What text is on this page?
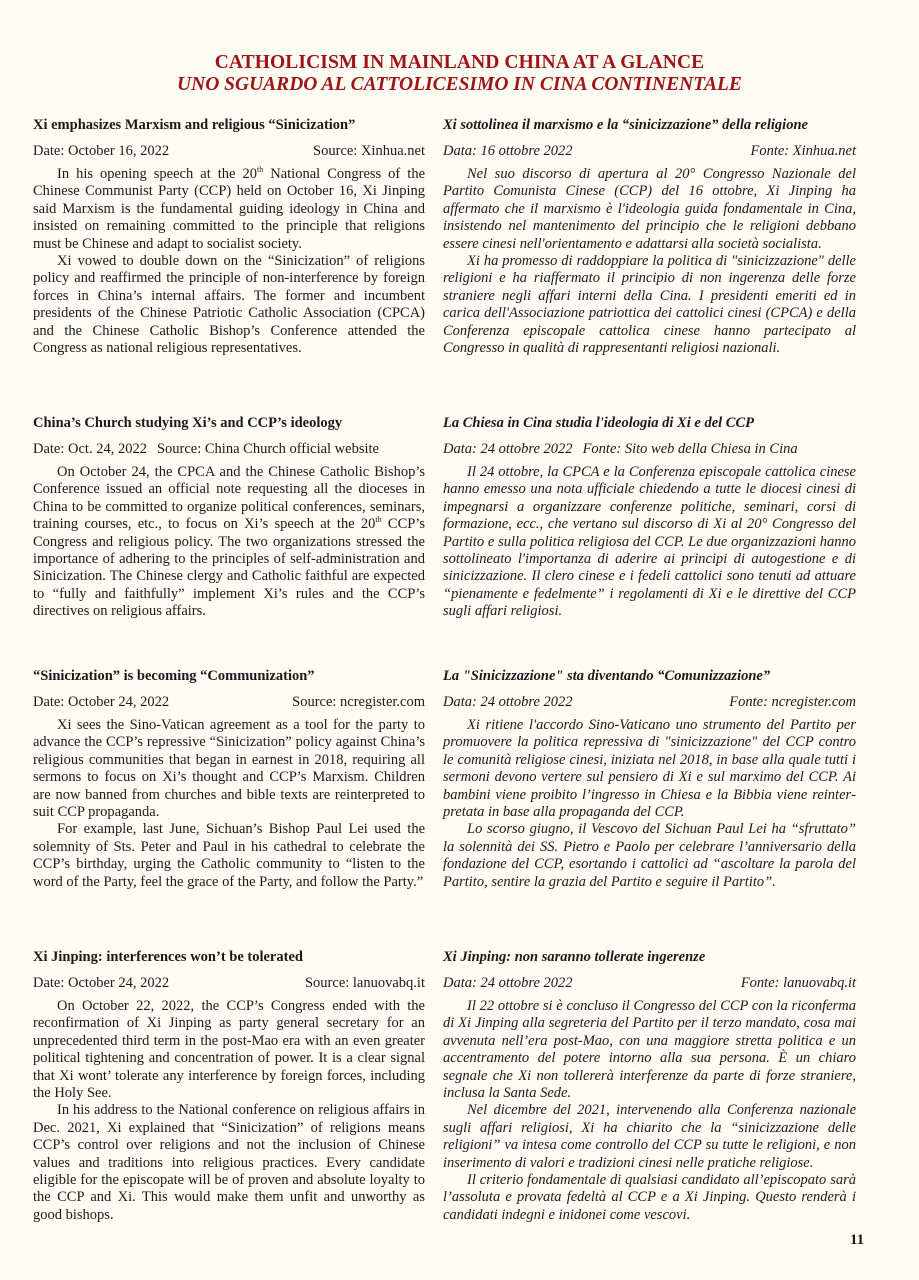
CATHOLICISM IN MAINLAND CHINA AT A GLANCE
UNO SGUARDO AL CATTOLICESIMO IN CINA CONTINENTALE
Xi emphasizes Marxism and religious “Sinicization”
Date: October 16, 2022	Source: Xinhua.net

In his opening speech at the 20th National Congress of the Chinese Communist Party (CCP) held on October 16, Xi Jinping said Marxism is the fundamental guiding ideology in China and insisted on remaining committed to the principle that religions must be Chinese and adapt to socialist society.

Xi vowed to double down on the “Sinicization” of religions policy and reaffirmed the principle of non-interference by foreign forces in China’s internal affairs. The former and incumbent presidents of the Chinese Patriotic Catholic Association (CPCA) and the Chinese Catholic Bishop’s Conference attended the Congress as national religious representatives.

China’s Church studying Xi’s and CCP’s ideology
Date: Oct. 24, 2022 Source: China Church official website

On October 24, the CPCA and the Chinese Catholic Bishop’s Conference issued an official note requesting all the dioceses in China to be committed to organize political conferences, seminars, training courses, etc., to focus on Xi’s speech at the 20th CCP’s Congress and religious policy. The two organizations stressed the importance of adhering to the principles of self-administration and Sinicization. The Chinese clergy and Catholic faithful are expected to “fully and faithfully” implement Xi’s rules and the CCP’s directives on religious affairs.

“Sinicization” is becoming “Communization”
Date: October 24, 2022	Source: ncregister.com

Xi sees the Sino-Vatican agreement as a tool for the party to advance the CCP’s repressive “Sinicization” policy against China’s religious communities that began in earnest in 2018, requiring all sermons to focus on Xi’s thought and CCP’s Marxism. Children are now banned from churches and bible texts are reinterpreted to suit CCP propaganda.

For example, last June, Sichuan’s Bishop Paul Lei used the solemnity of Sts. Peter and Paul in his cathedral to celebrate the CCP’s birthday, urging the Catholic community to “listen to the word of the Party, feel the grace of the Party, and follow the Party.”

Xi Jinping: interferences won’t be tolerated
Date: October 24, 2022	Source: lanuovabq.it

On October 22, 2022, the CCP’s Congress ended with the reconfirmation of Xi Jinping as party general secretary for an unprecedented third term in the post-Mao era with an even greater political tightening and concentration of power. It is a clear signal that Xi wont’ tolerate any interference by foreign forces, including the Holy See.

In his address to the National conference on religious affairs in Dec. 2021, Xi explained that “Sinicization” of religions means CCP’s control over religions and not the inclusion of Chinese values and traditions into religious practices. Every candidate eligible for the episcopate will be of proven and absolute loyalty to the CCP and Xi. This would make them unfit and unworthy as good bishops.

Xi sottolinea il marxismo e la “sinicizzazione” della religione
Data: 16 ottobre 2022	Fonte: Xinhua.net

Nel suo discorso di apertura al 20° Congresso Nazionale del Partito Comunista Cinese (CCP) del 16 ottobre, Xi Jinping ha affermato che il marxismo è l'ideologia guida fondamentale in Cina, insistendo nel mantenimento del principio che le religioni debbano essere cinesi nell'orientamento e adattarsi alla società socialista.

Xi ha promesso di raddoppiare la politica di "sinicizzazione" delle religioni e ha riaffermato il principio di non ingerenza delle forze straniere negli affari interni della Cina. I presidenti emeriti ed in carica dell'Associazione patriottica dei cattolici cinesi (CPCA) e della Conferenza episcopale cattolica cinese hanno partecipato al Congresso in qualità di rappresentanti religiosi nazionali.

La Chiesa in Cina studia l'ideologia di Xi e del CCP
Data: 24 ottobre 2022 Fonte: Sito web della Chiesa in Cina

Il 24 ottobre, la CPCA e la Conferenza episcopale cattolica cinese hanno emesso una nota ufficiale chiedendo a tutte le diocesi cinesi di impegnarsi a organizzare conferenze politiche, seminari, corsi di formazione, ecc., che vertano sul discorso di Xi al 20° Congresso del Partito e sulla politica religiosa del CCP. Le due organizzazioni hanno sottolineato l'importanza di aderire ai principi di autogestione e di sinicizzazione. Il clero cinese e i fedeli cattolici sono tenuti ad attuare “pienamente e fedelmente” i regolamenti di Xi e le direttive del CCP sugli affari religiosi.

La "Sinicizzazione" sta diventando “Comunizzazione”
Data: 24 ottobre 2022	Fonte: ncregister.com

Xi ritiene l'accordo Sino-Vaticano uno strumento del Partito per promuovere la politica repressiva di "sinicizzazione" del CCP contro le comunità religiose cinesi, iniziata nel 2018, in base alla quale tutti i sermoni devono vertere sul pensiero di Xi e sul marximo del CCP. Ai bambini viene proibito l’ingresso in Chiesa e la Bibbia viene reinterpretata in base alla propaganda del CCP.

Lo scorso giugno, il Vescovo del Sichuan Paul Lei ha “sfruttato” la solennità dei SS. Pietro e Paolo per celebrare l’anniversario della fondazione del CCP, esortando i cattolici ad “ascoltare la parola del Partito, sentire la grazia del Partito e seguire il Partito”.

Xi Jinping: non saranno tollerate ingerenze
Data: 24 ottobre 2022	Fonte: lanuovabq.it

Il 22 ottobre si è concluso il Congresso del CCP con la riconferma di Xi Jinping alla segreteria del Partito per il terzo mandato, cosa mai avvenuta nell’era post-Mao, con una maggiore stretta politica e un accentramento del potere intorno alla sua persona. È un chiaro segnale che Xi non tollererà interferenze da parte di forze straniere, inclusa la Santa Sede.

Nel dicembre del 2021, intervenendo alla Conferenza nazionale sugli affari religiosi, Xi ha chiarito che la “sinicizzazione delle religioni” va intesa come controllo del CCP su tutte le religioni, e non inserimento di valori e tradizioni cinesi nelle pratiche religiose.

Il criterio fondamentale di qualsiasi candidato all’episcopato sarà l’assoluta e provata fedeltà al CCP e a Xi Jinping. Questo renderà i candidati indegni e inidonei come vescovi.

11
